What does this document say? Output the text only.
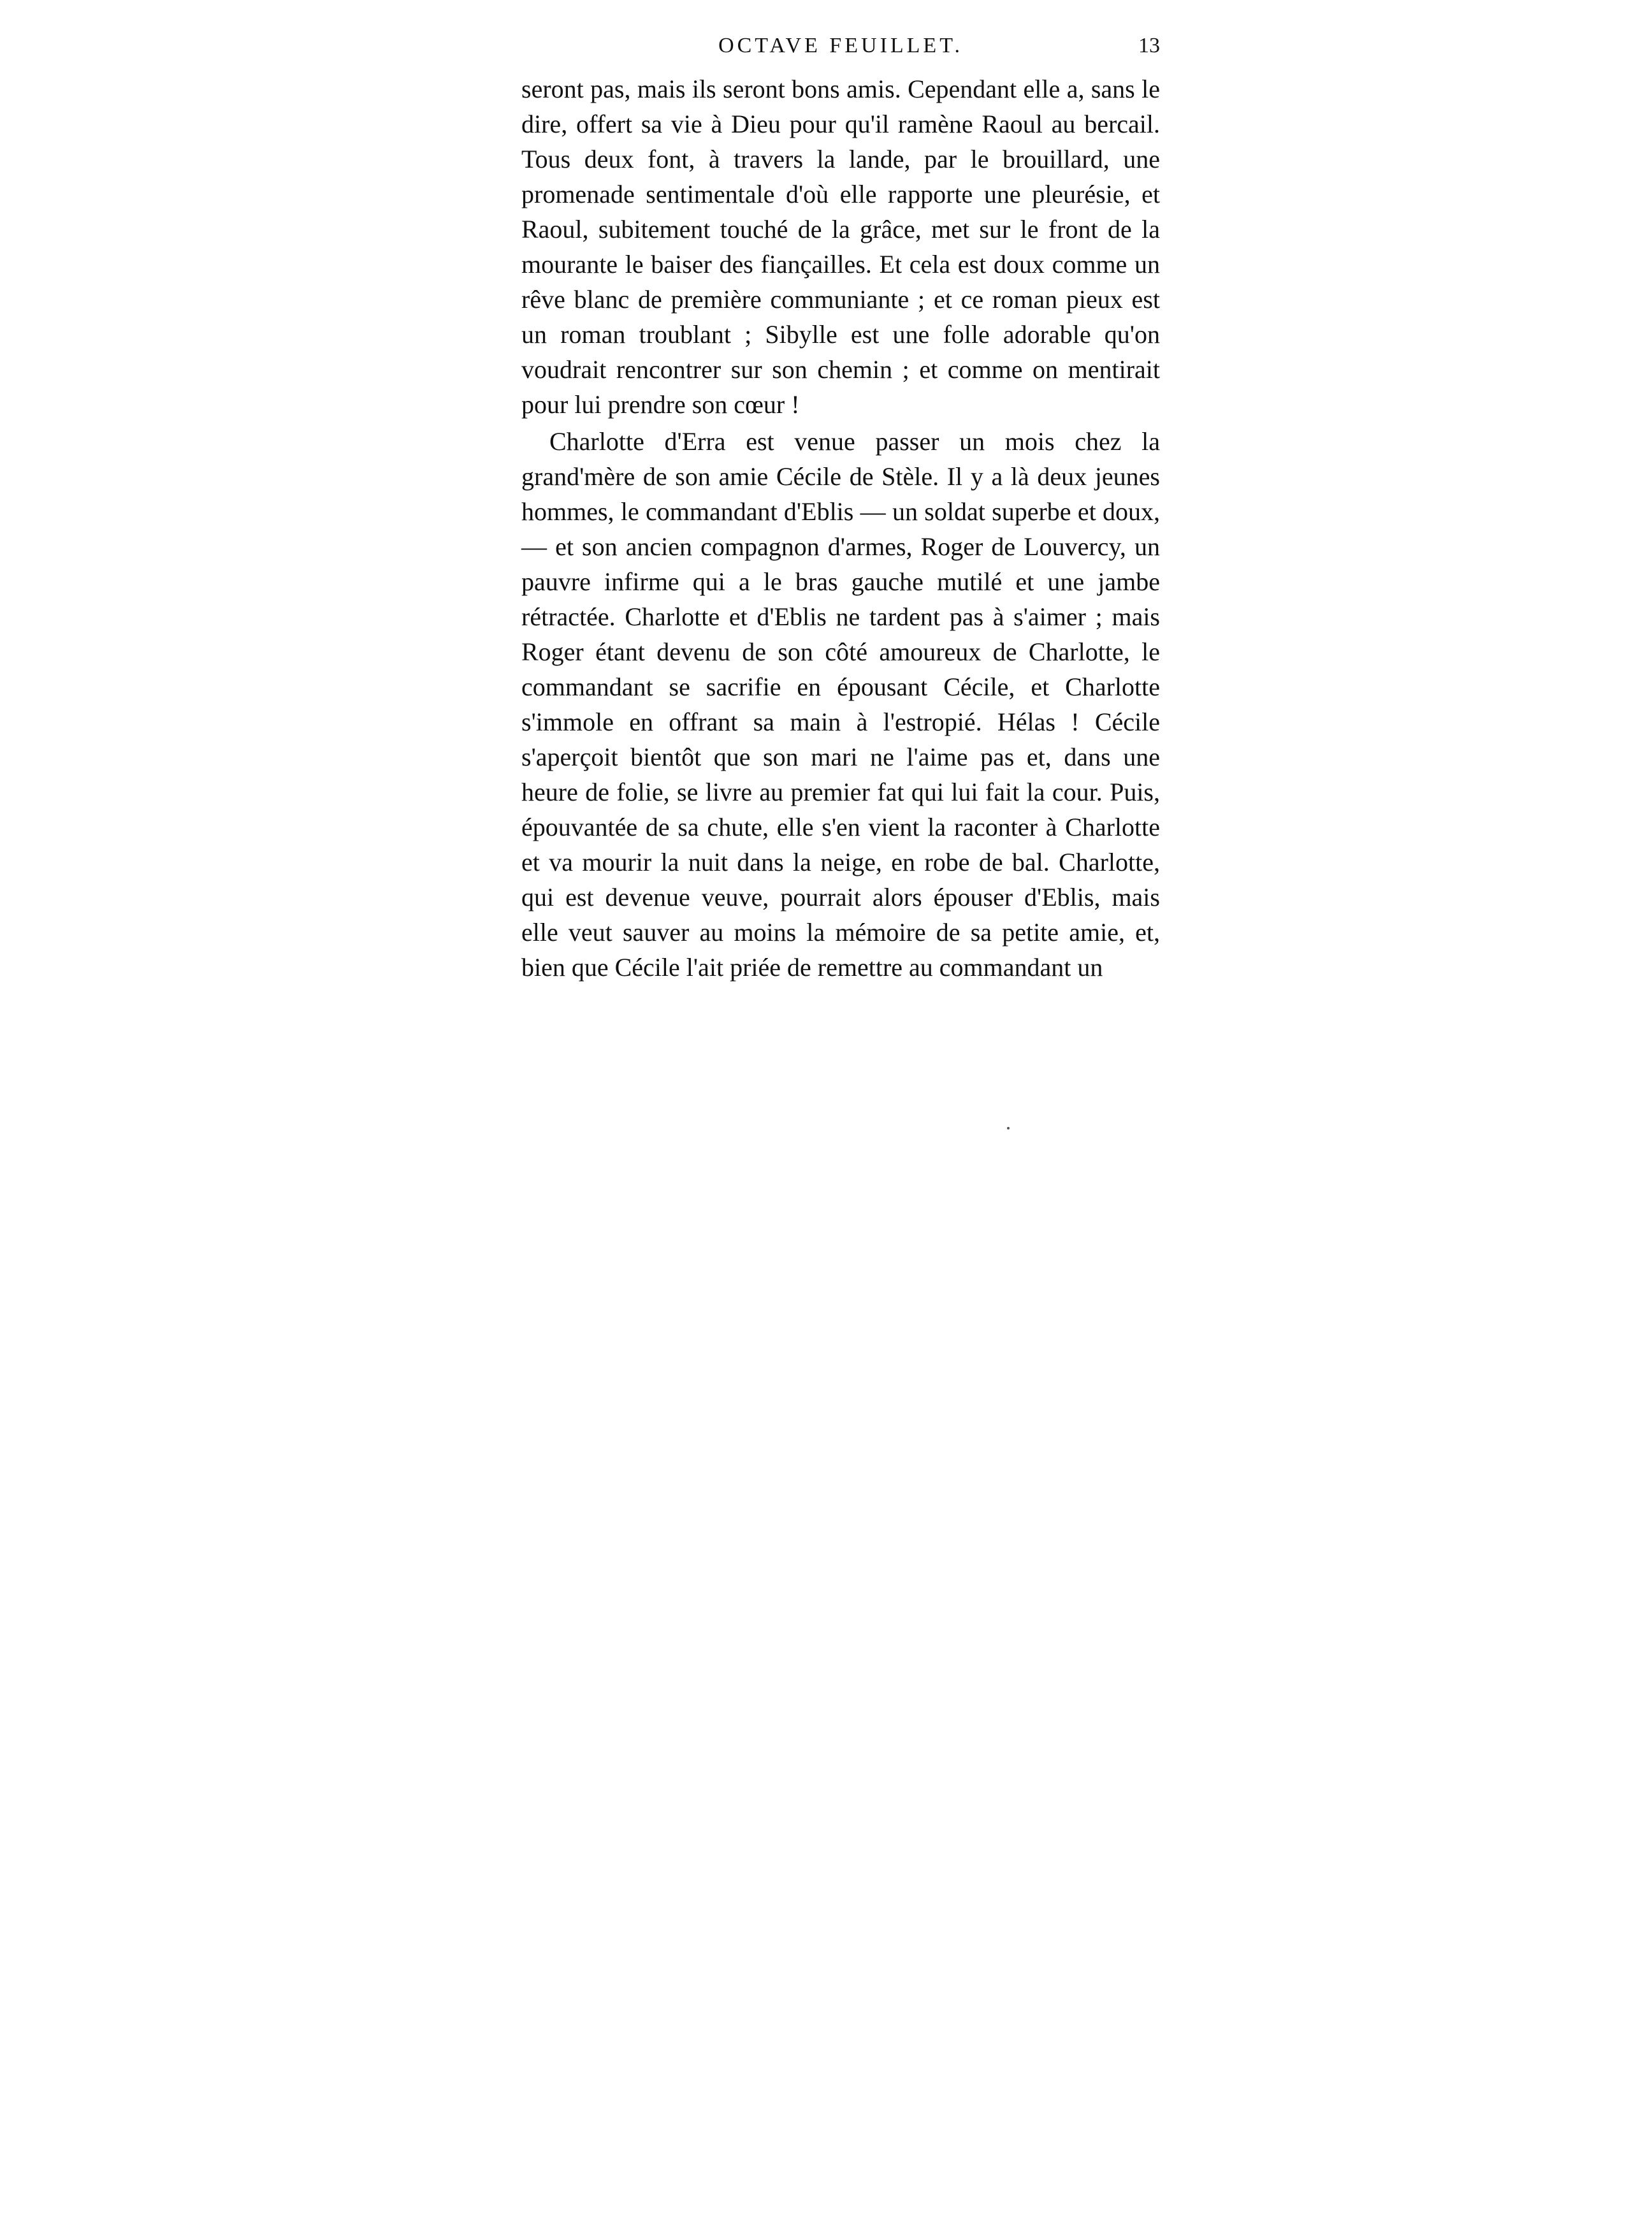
OCTAVE FEUILLET.	13

seront pas, mais ils seront bons amis. Cependant elle a, sans le dire, offert sa vie à Dieu pour qu'il ramène Raoul au bercail. Tous deux font, à travers la lande, par le brouillard, une promenade sentimentale d'où elle rapporte une pleurésie, et Raoul, subitement touché de la grâce, met sur le front de la mourante le baiser des fiançailles. Et cela est doux comme un rêve blanc de première communiante ; et ce roman pieux est un roman troublant ; Sibylle est une folle adorable qu'on voudrait rencontrer sur son chemin ; et comme on mentirait pour lui prendre son cœur !

Charlotte d'Erra est venue passer un mois chez la grand'mère de son amie Cécile de Stèle. Il y a là deux jeunes hommes, le commandant d'Eblis — un soldat superbe et doux, — et son ancien compagnon d'armes, Roger de Louvercy, un pauvre infirme qui a le bras gauche mutilé et une jambe rétractée. Charlotte et d'Eblis ne tardent pas à s'aimer ; mais Roger étant devenu de son côté amoureux de Charlotte, le commandant se sacrifie en épousant Cécile, et Charlotte s'immole en offrant sa main à l'estropié. Hélas ! Cécile s'aperçoit bientôt que son mari ne l'aime pas et, dans une heure de folie, se livre au premier fat qui lui fait la cour. Puis, épouvantée de sa chute, elle s'en vient la raconter à Charlotte et va mourir la nuit dans la neige, en robe de bal. Charlotte, qui est devenue veuve, pourrait alors épouser d'Eblis, mais elle veut sauver au moins la mémoire de sa petite amie, et, bien que Cécile l'ait priée de remettre au commandant un
